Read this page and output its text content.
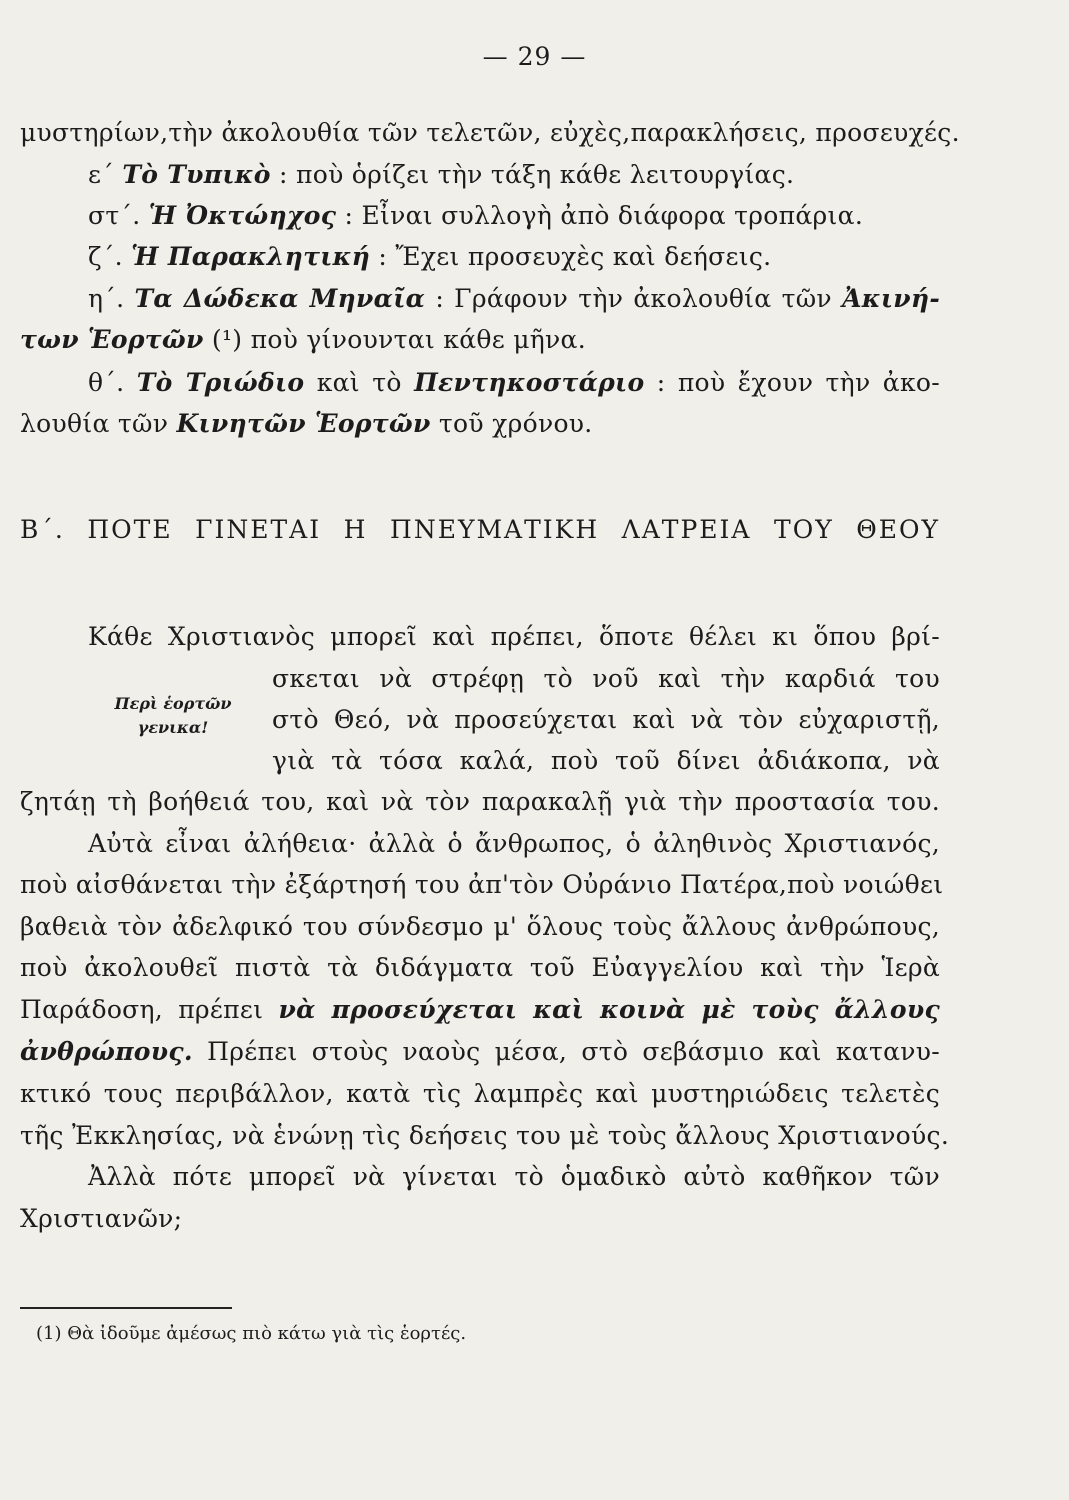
— 29 —
μυστηρίων,τὴν ἀκολουθία τῶν τελετῶν, εὐχὲς,παρακλήσεις, προσευχές.
ε΄ Τὸ Τυπικὸ : ποὺ ὁρίζει τὴν τάξη κάθε λειτουργίας.
στ΄. Ἡ Ὀκτώηχος : Εἶναι συλλογὴ ἀπὸ διάφορα τροπάρια.
ζ΄. Ἡ Παρακλητική : Ἔχει προσευχὲς καὶ δεήσεις.
η΄. Τα Δώδεκα Μηναῖα : Γράφουν τὴν ἀκολουθία τῶν Ἀκινή-
των Ἑορτῶν (¹) ποὺ γίνουνται κάθε μῆνα.
θ΄. Τὸ Τριώδιο καὶ τὸ Πεντηκοστάριο : ποὺ ἔχουν τὴν ἀκο-
λουθία τῶν Κινητῶν Ἑορτῶν τοῦ χρόνου.
Β΄. ΠΟΤΕ ΓΙΝΕΤΑΙ Η ΠΝΕΥΜΑΤΙΚΗ ΛΑΤΡΕΙΑ ΤΟΥ ΘΕΟΥ
Κάθε Χριστιανὸς μπορεῖ καὶ πρέπει, ὅποτε θέλει κι ὅπου βρί-
Περὶ ἑορτῶν
γενικα!
σκεται νὰ στρέφῃ τὸ νοῦ καὶ τὴν καρδιά του
στὸ Θεό, νὰ προσεύχεται καὶ νὰ τὸν εὐχαριστῇ,
γιὰ τὰ τόσα καλά, ποὺ τοῦ δίνει ἀδιάκοπα, νὰ
ζητάῃ τὴ βοήθειά του, καὶ νὰ τὸν παρακαλῇ γιὰ τὴν προστασία του.
Αὐτὰ εἶναι ἀλήθεια· ἀλλὰ ὁ ἄνθρωπος, ὁ ἀληθινὸς Χριστιανός,
ποὺ αἰσθάνεται τὴν ἐξάρτησή του ἀπ'τὸν Οὐράνιο Πατέρα,ποὺ νοιώθει
βαθειὰ τὸν ἀδελφικό του σύνδεσμο μ' ὅλους τοὺς ἄλλους ἀνθρώπους,
ποὺ ἀκολουθεῖ πιστὰ τὰ διδάγματα τοῦ Εὐαγγελίου καὶ τὴν Ἱερὰ
Παράδοση, πρέπει νὰ προσεύχεται καὶ κοινὰ μὲ τοὺς ἄλλους
ἀνθρώπους. Πρέπει στοὺς ναοὺς μέσα, στὸ σεβάσμιο καὶ κατανυ-
κτικό τους περιβάλλον, κατὰ τὶς λαμπρὲς καὶ μυστηριώδεις τελετὲς
τῆς Ἐκκλησίας, νὰ ἑνώνῃ τὶς δεήσεις του μὲ τοὺς ἄλλους Χριστιανούς.
Ἀλλὰ πότε μπορεῖ νὰ γίνεται τὸ ὁμαδικὸ αὐτὸ καθῆκον τῶν
Χριστιανῶν;
(1) Θὰ ἰδοῦμε ἀμέσως πιὸ κάτω γιὰ τὶς ἑορτές.
